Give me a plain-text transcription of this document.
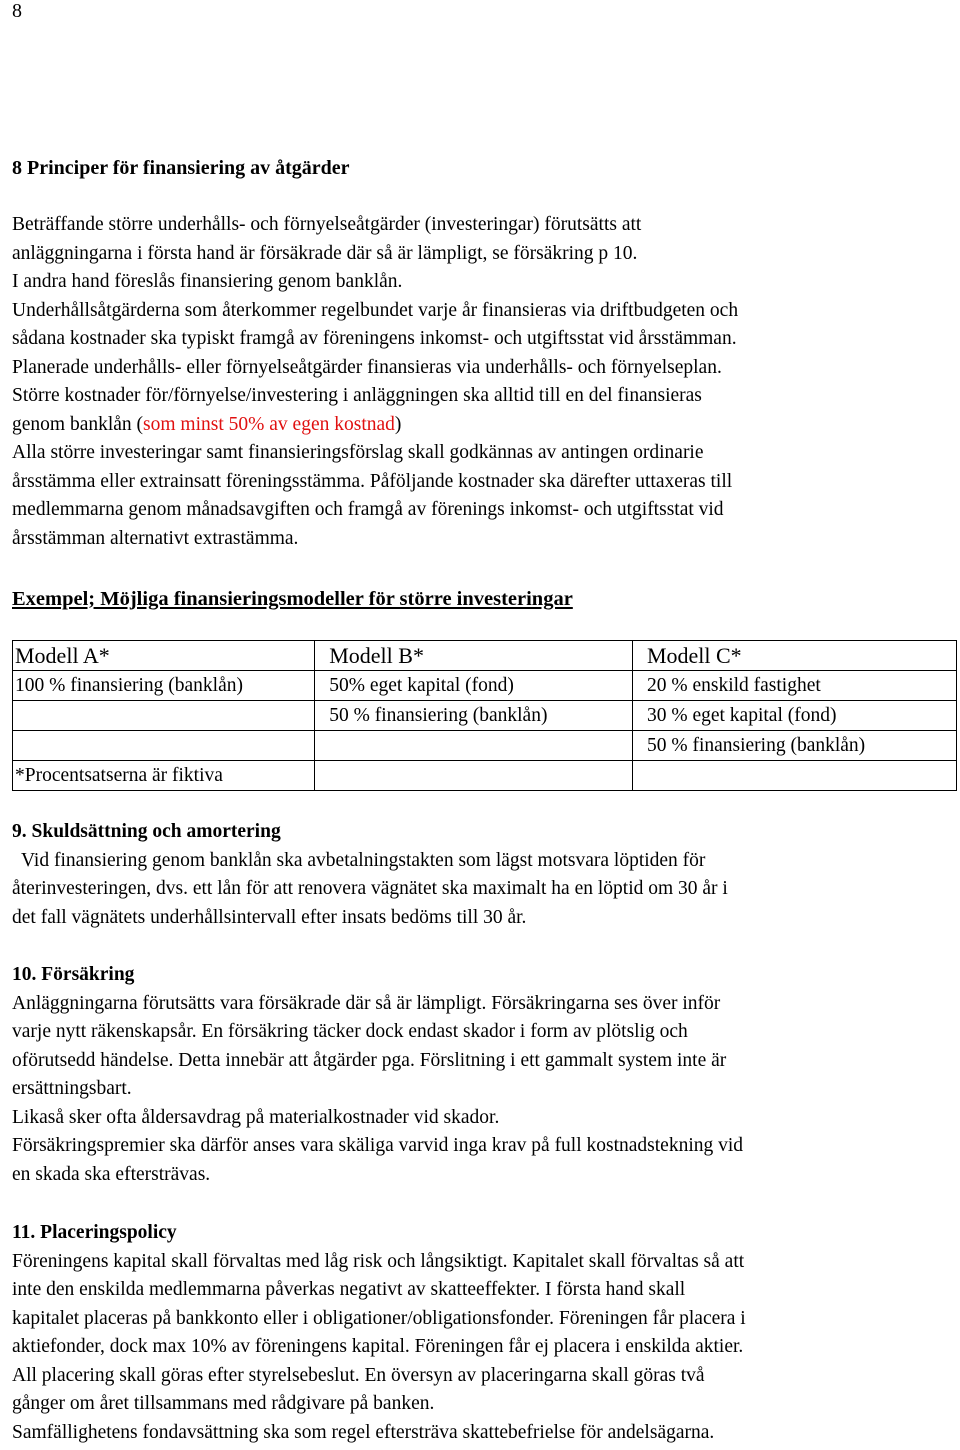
8
8 Principer för finansiering av åtgärder
Beträffande större underhålls- och förnyelseåtgärder (investeringar) förutsätts att
anläggningarna i första hand är försäkrade där så är lämpligt, se försäkring p 10.
I andra hand föreslås finansiering genom banklån.
Underhållsåtgärderna som återkommer regelbundet varje år finansieras via driftbudgeten och
sådana kostnader ska typiskt framgå av föreningens inkomst- och utgiftsstat vid årsstämman.
Planerade underhålls- eller förnyelseåtgärder finansieras via underhålls- och förnyelseplan.
Större kostnader för/förnyelse/investering i anläggningen ska alltid till en del finansieras
genom banklån (som minst 50% av egen kostnad)
Alla större investeringar samt finansieringsförslag skall godkännas av antingen ordinarie
årsstämma eller extrainsatt föreningsstämma. Påföljande kostnader ska därefter uttaxeras till
medlemmarna genom månadsavgiften och framgå av förenings inkomst- och utgiftsstat vid
årsstämman alternativt extrastämma.
Exempel; Möjliga finansieringsmodeller för större investeringar
Modell A*	Modell B*	Modell C*
100 % finansiering (banklån)	50% eget kapital (fond)	20 % enskild fastighet
	50 % finansiering (banklån)	30 % eget kapital (fond)
		50 % finansiering (banklån)
*Procentsatserna är fiktiva		
9. Skuldsättning och amortering
Vid finansiering genom banklån ska avbetalningstakten som lägst motsvara löptiden för
återinvesteringen, dvs. ett lån för att renovera vägnätet ska maximalt ha en löptid om 30 år i
det fall vägnätets underhållsintervall efter insats bedöms till 30 år.
10. Försäkring
Anläggningarna förutsätts vara försäkrade där så är lämpligt. Försäkringarna ses över inför
varje nytt räkenskapsår. En försäkring täcker dock endast skador i form av plötslig och
oförutsedd händelse. Detta innebär att åtgärder pga. Förslitning i ett gammalt system inte är
ersättningsbart.
Likaså sker ofta åldersavdrag på materialkostnader vid skador.
Försäkringspremier ska därför anses vara skäliga varvid inga krav på full kostnadstekning vid
en skada ska eftersträvas.
11. Placeringspolicy
Föreningens kapital skall förvaltas med låg risk och långsiktigt. Kapitalet skall förvaltas så att
inte den enskilda medlemmarna påverkas negativt av skatteeffekter. I första hand skall
kapitalet placeras på bankkonto eller i obligationer/obligationsfonder. Föreningen får placera i
aktiefonder, dock max 10% av föreningens kapital. Föreningen får ej placera i enskilda aktier.
All placering skall göras efter styrelsebeslut. En översyn av placeringarna skall göras två
gånger om året tillsammans med rådgivare på banken.
Samfällighetens fondavsättning ska som regel eftersträva skattebefrielse för andelsägarna.
